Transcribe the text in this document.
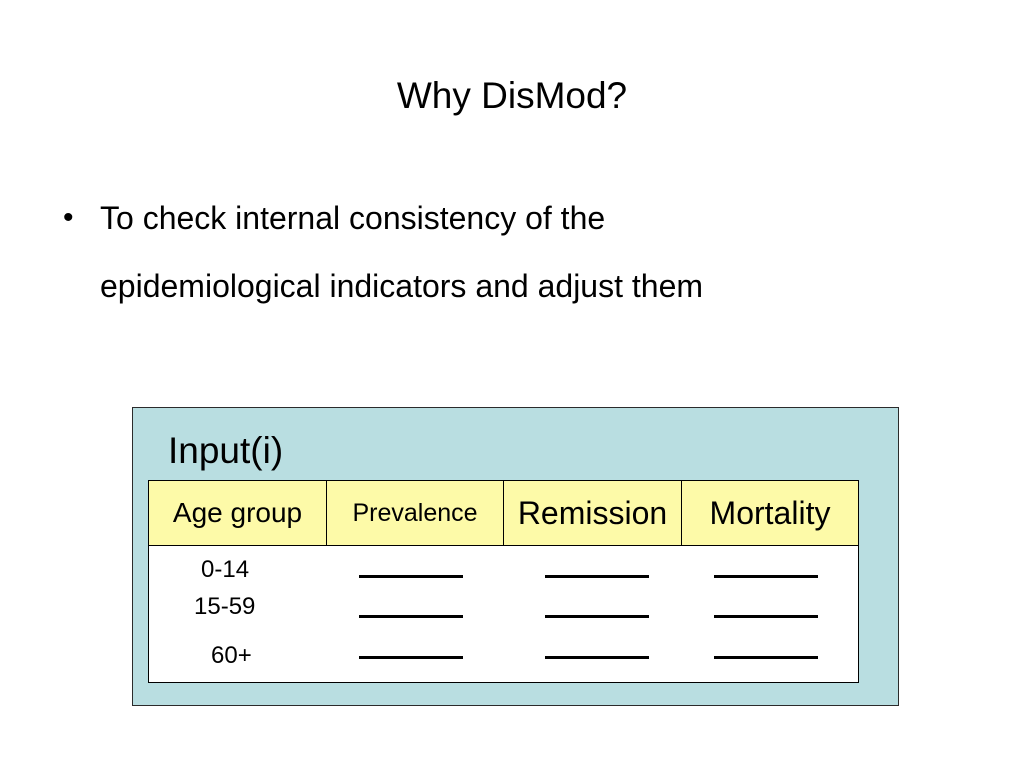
Why DisMod?
• To check internal consistency of the
epidemiological indicators and adjust them
Input(i)
Age group	Prevalence	Remission	Mortality
0-14
15-59
60+
